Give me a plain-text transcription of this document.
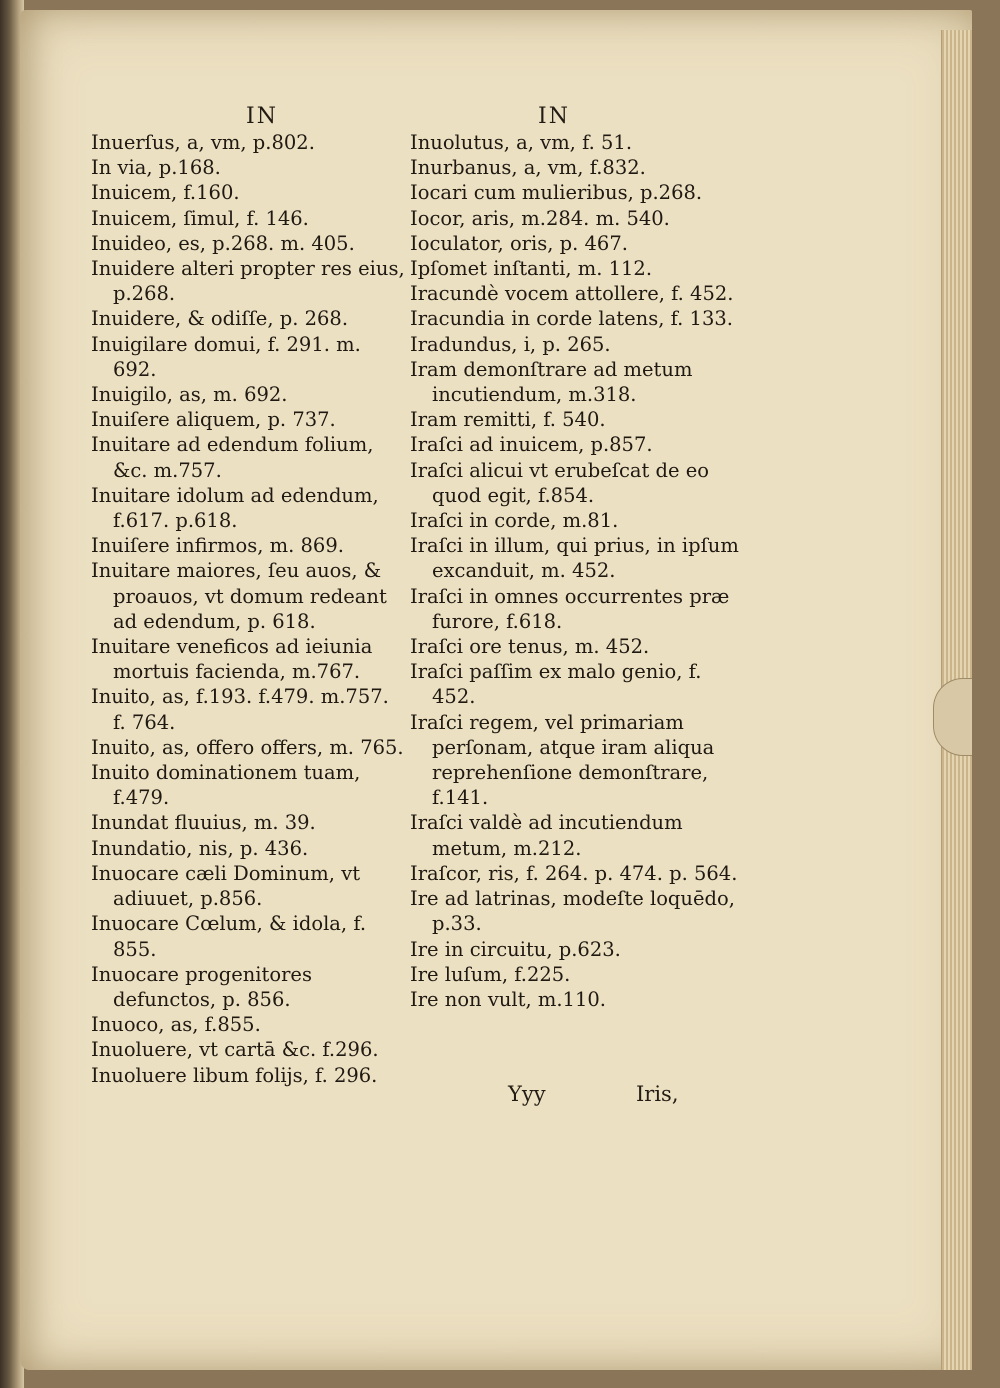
IN	IN
Inuerſus, a, vm, p.802.
In via, p.168.
Inuicem, f.160.
Inuicem, ſimul, f. 146.
Inuideo, es, p.268. m. 405.
Inuidere alteri propter res eius, p.268.
Inuidere, & odiſſe, p. 268.
Inuigilare domui, f. 291. m. 692.
Inuigilo, as, m. 692.
Inuiſere aliquem, p. 737.
Inuitare ad edendum folium, &c. m.757.
Inuitare idolum ad edendum, f.617. p.618.
Inuiſere infirmos, m. 869.
Inuitare maiores, ſeu auos, & proauos, vt domum redeant ad edendum, p. 618.
Inuitare veneficos ad ieiunia mortuis facienda, m.767.
Inuito, as, f.193. f.479. m.757. f. 764.
Inuito, as, offero offers, m. 765.
Inuito dominationem tuam, f.479.
Inundat fluuius, m. 39.
Inundatio, nis, p. 436.
Inuocare cæli Dominum, vt adiuuet, p.856.
Inuocare Cœlum, & idola, f. 855.
Inuocare progenitores defunctos, p. 856.
Inuoco, as, f.855.
Inuoluere, vt cartā &c. f.296.
Inuoluere libum folijs, f. 296.
Inuolutus, a, vm, f. 51.
Inurbanus, a, vm, f.832.
Iocari cum mulieribus, p.268.
Iocor, aris, m.284. m. 540.
Ioculator, oris, p. 467.
Ipſomet inſtanti, m. 112.
Iracundè vocem attollere, f. 452.
Iracundia in corde latens, f. 133.
Iradundus, i, p. 265.
Iram demonſtrare ad metum incutiendum, m.318.
Iram remitti, f. 540.
Iraſci ad inuicem, p.857.
Iraſci alicui vt erubeſcat de eo quod egit, f.854.
Iraſci in corde, m.81.
Iraſci in illum, qui prius, in ipſum excanduit, m. 452.
Iraſci in omnes occurrentes præ furore, f.618.
Iraſci ore tenus, m. 452.
Iraſci paſſim ex malo genio, f. 452.
Iraſci regem, vel primariam perſonam, atque iram aliqua reprehenſione demonſtrare, f.141.
Iraſci valdè ad incutiendum metum, m.212.
Iraſcor, ris, f. 264. p. 474. p. 564.
Ire ad latrinas, modeſte loquēdo, p.33.
Ire in circuitu, p.623.
Ire luſum, f.225.
Ire non vult, m.110.
Yyy	Iris,
